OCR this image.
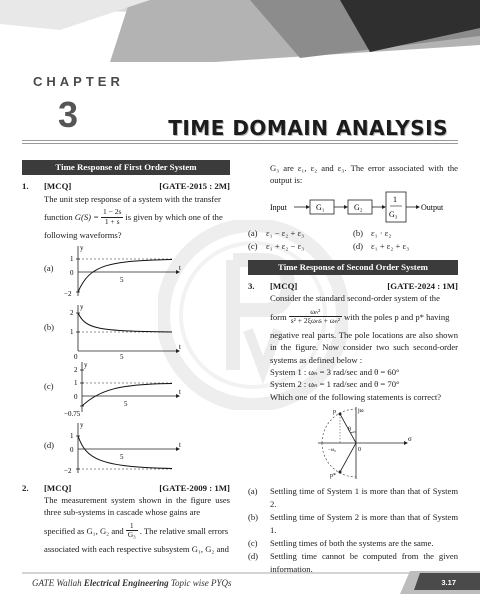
CHAPTER
3	TIME DOMAIN ANALYSIS
Time Response of First Order System
1.	[MCQ]	[GATE-2015 : 2M]
The unit step response of a system with the transfer
function
$G(S) = \frac{1 - 2s}{1 + s}$ is given by which one of the
following waveforms?
(a)
y
1
0
−2
5
t
(b)
y
2
1
0	5
t
(c)
y
2
1
0
−0.75
5
t
(d)
y
1
0
−2
5
t
2.	[MCQ]	[GATE-2009 : 1M]
The measurement system shown in the figure uses three sub-systems in cascade whose gains are
specified as G₁, G₂ and $\frac{1}{\text{G₃}}$ . The relative small errors
associated with each respective subsystem G₁, G₂ and
G₃ are ε₁, ε₂ and ε₃. The error associated with the output is:
Input	G₁	G₂
1
G₃
Output
(a) ε₁ − ε₂ + ε₃	(b) ε₁ · ε₂
(c) ε₁ + ε₂ − ε₃	(d) ε₁ + ε₂ + ε₃
Time Response of Second Order System
3.	[MCQ]	[GATE-2024 : 1M]
Consider the standard second-order system of the
form $\frac{\text{ωₙ²}}{\text{s² + 2ξωₙs + ωₙ²}}$ with the poles p and p* having
negative real parts. The pole locations are also shown in the figure. Now consider two such second-order systems as defined below :
System 1 : ωₙ = 3 rad/sec and θ = 60°
System 2 : ωₙ = 1 rad/sec and θ = 70°
Which one of the following statements is correct?
jω
σ
p
p*
θ
0
−ω₀
(a)	Settling time of System 1 is more than that of System 2.
(b)	Settling time of System 2 is more than that of System 1.
(c)	Settling times of both the systems are the same.
(d)	Settling time cannot be computed from the given information.
GATE Wallah Electrical Engineering Topic wise PYQs	3.17
